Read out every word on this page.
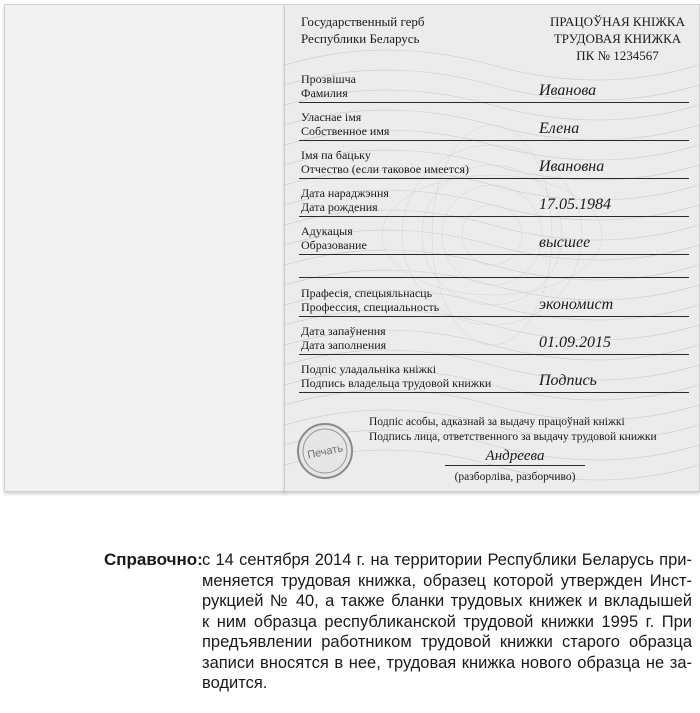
Государственный герб
Республики Беларусь
ПРАЦОЎНАЯ КНІЖКА
ТРУДОВАЯ КНИЖКА
ПК № 1234567
Прозвішча
Фамилия	Иванова
Уласнае імя
Собственное имя	Елена
Імя па бацьку
Отчество (если таковое имеется)	Ивановна
Дата нараджэння
Дата рождения	17.05.1984
Адукацыя
Образование	высшее
Прафесія, спецыяльнасць
Профессия, специальность	экономист
Дата запаўнення
Дата заполнения	01.09.2015
Подпіс уладальніка кніжкі
Подпись владельца трудовой книжки	Подпись
Печать
Подпіс асобы, адказнай за выдачу працоўнай кніжкі
Подпись лица, ответственного за выдачу трудовой книжки
Андреева
(разборліва, разборчиво)
Справочно: с 14 сентября 2014 г. на территории Республики Беларусь при-
меняется трудовая книжка, образец которой утвержден Инст-
рукцией № 40, а также бланки трудовых книжек и вкладышей
к ним образца республиканской трудовой книжки 1995 г. При
предъявлении работником трудовой книжки старого образца
записи вносятся в нее, трудовая книжка нового образца не за-
водится.
